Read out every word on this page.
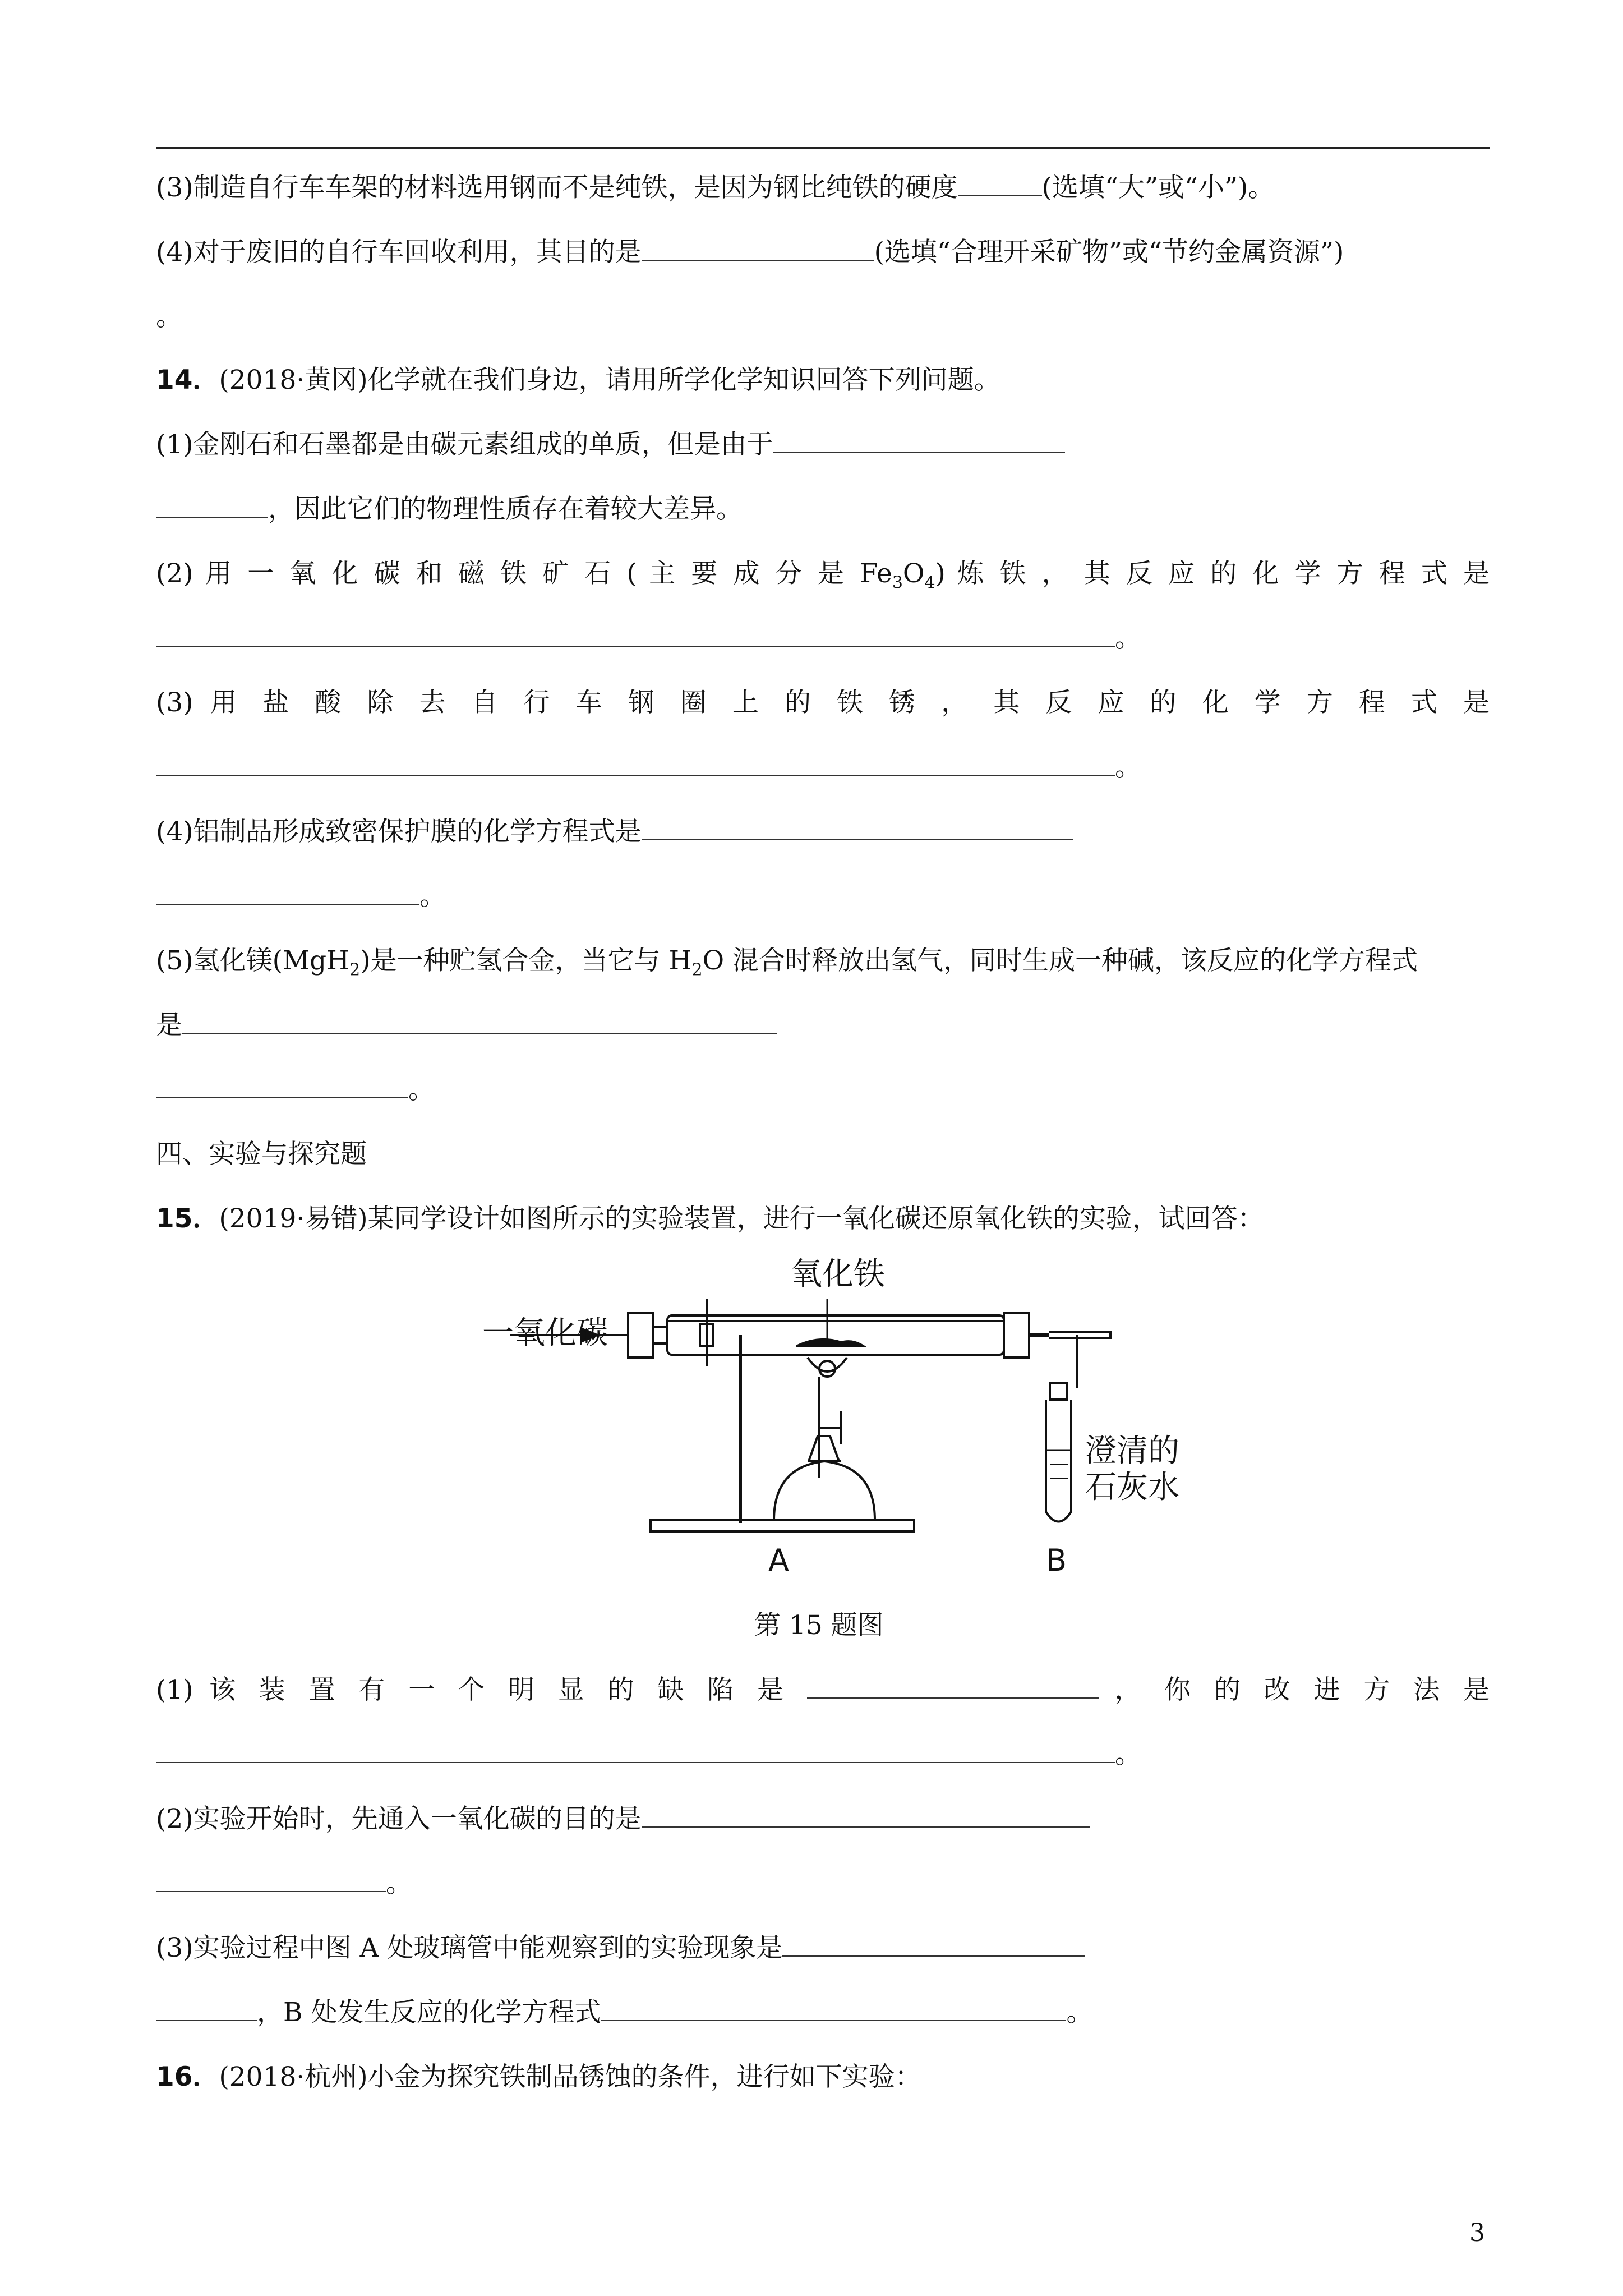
(3)制造自行车车架的材料选用钢而不是纯铁，是因为钢比纯铁的硬度	(选填“大”或“小”)。
(4)对于废旧的自行车回收利用，其目的是	(选填“合理开采矿物”或“节约金属资源”)
。
14．(2018·黄冈)化学就在我们身边，请用所学化学知识回答下列问题。
(1)金刚石和石墨都是由碳元素组成的单质，但是由于
，因此它们的物理性质存在着较大差异。
(2) 用 一 氧 化 碳 和 磁 铁 矿 石 ( 主 要 成 分 是 $Fe_3O_4$) 炼 铁 ， 其 反 应 的 化 学 方 程 式 是
。
(3) 用 盐 酸 除 去 自 行 车 钢 圈 上 的 铁 锈 ， 其 反 应 的 化 学 方 程 式 是
。
(4)铝制品形成致密保护膜的化学方程式是
。
(5)氢化镁(MgH$_2$)是一种贮氢合金，当它与 $H_2O$ 混合时释放出氢气，同时生成一种碱，该反应的化学方程式
是
。
四、实验与探究题
15．(2019·易错)某同学设计如图所示的实验装置，进行一氧化碳还原氧化铁的实验，试回答：
一氧化碳
氧化铁
澄清的
石灰水
A	B
第 15 题图
(1) 该 装 置 有 一 个 明 显 的 缺 陷 是	， 你 的 改 进 方 法 是
。
(2)实验开始时，先通入一氧化碳的目的是
。
(3)实验过程中图 A 处玻璃管中能观察到的实验现象是
，B 处发生反应的化学方程式	。
16．(2018·杭州)小金为探究铁制品锈蚀的条件，进行如下实验：
3
